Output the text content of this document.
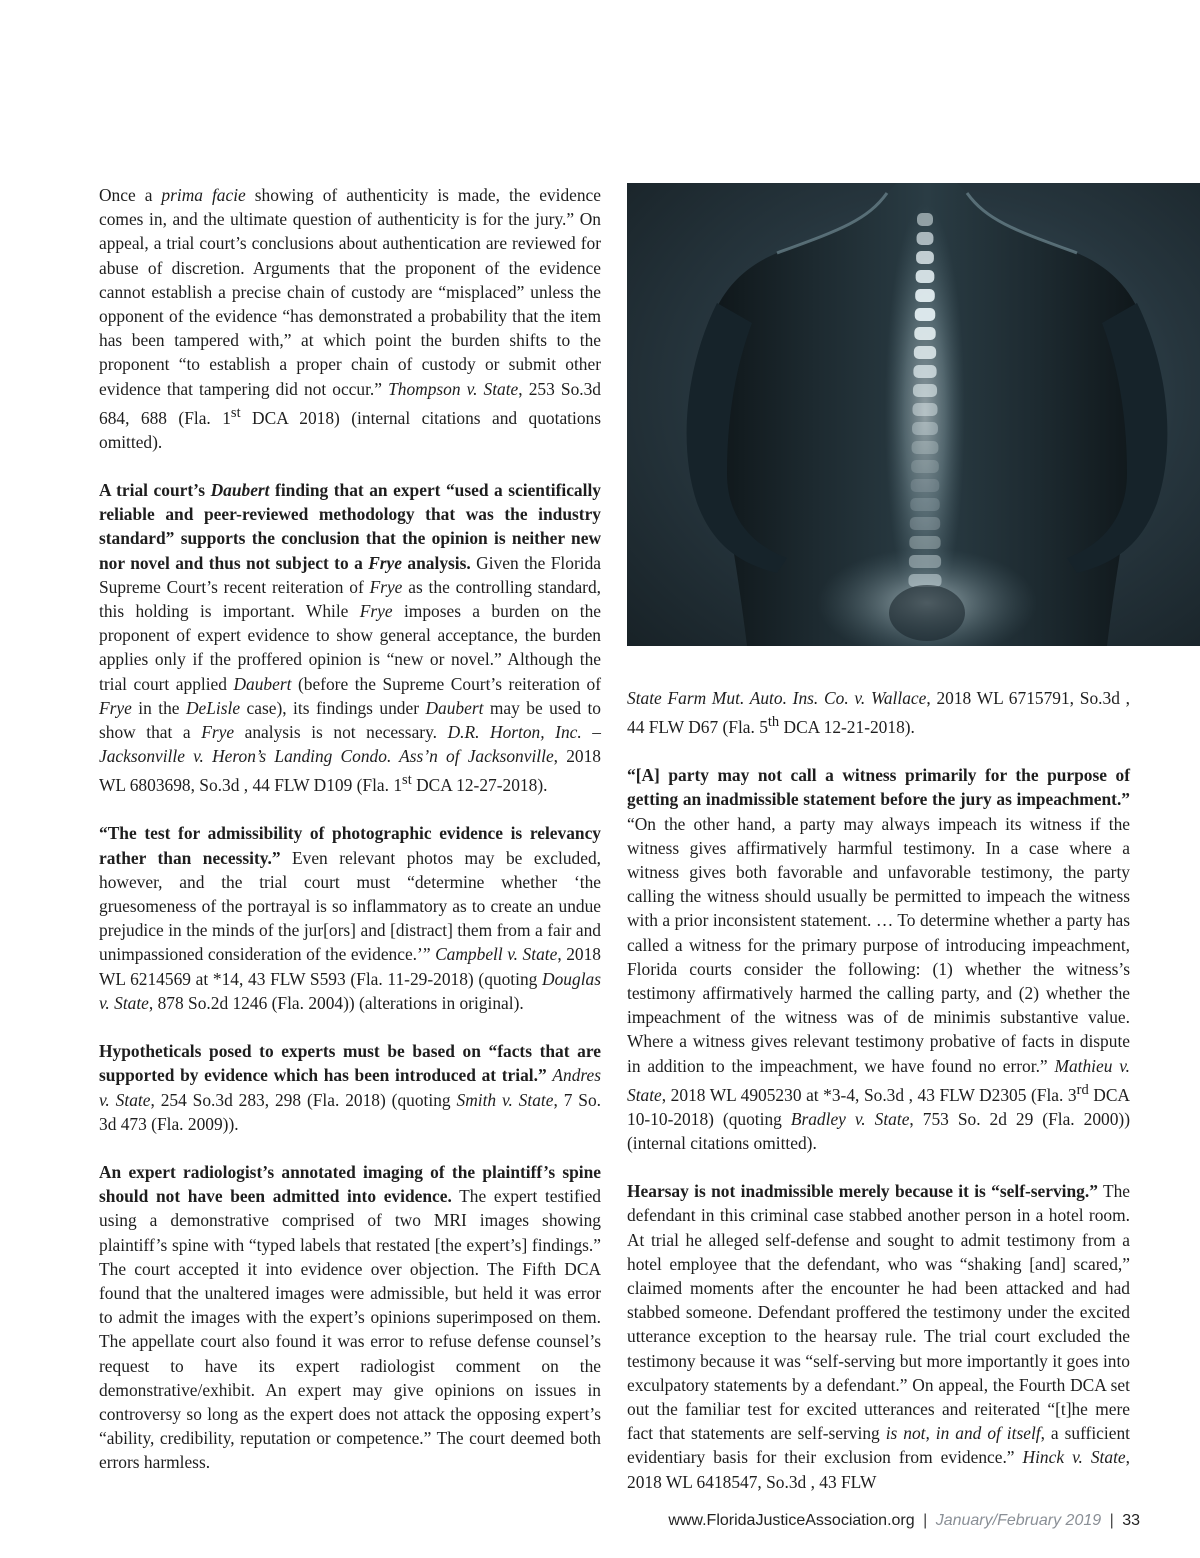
Once a prima facie showing of authenticity is made, the evidence comes in, and the ultimate question of authenticity is for the jury.” On appeal, a trial court’s conclusions about authentication are reviewed for abuse of discretion. Arguments that the proponent of the evidence cannot establish a precise chain of custody are “misplaced” unless the opponent of the evidence “has demonstrated a probability that the item has been tampered with,” at which point the burden shifts to the proponent “to establish a proper chain of custody or submit other evidence that tampering did not occur.” Thompson v. State, 253 So.3d 684, 688 (Fla. 1st DCA 2018) (internal citations and quotations omitted).

A trial court’s Daubert finding that an expert “used a scientifically reliable and peer-reviewed methodology that was the industry standard” supports the conclusion that the opinion is neither new nor novel and thus not subject to a Frye analysis. Given the Florida Supreme Court’s recent reiteration of Frye as the controlling standard, this holding is important. While Frye imposes a burden on the proponent of expert evidence to show general acceptance, the burden applies only if the proffered opinion is “new or novel.” Although the trial court applied Daubert (before the Supreme Court’s reiteration of Frye in the DeLisle case), its findings under Daubert may be used to show that a Frye analysis is not necessary. D.R. Horton, Inc. – Jacksonville v. Heron’s Landing Condo. Ass’n of Jacksonville, 2018 WL 6803698, So.3d , 44 FLW D109 (Fla. 1st DCA 12-27-2018).

“The test for admissibility of photographic evidence is relevancy rather than necessity.” Even relevant photos may be excluded, however, and the trial court must “determine whether ‘the gruesomeness of the portrayal is so inflammatory as to create an undue prejudice in the minds of the jur[ors] and [distract] them from a fair and unimpassioned consideration of the evidence.’” Campbell v. State, 2018 WL 6214569 at *14, 43 FLW S593 (Fla. 11-29-2018) (quoting Douglas v. State, 878 So.2d 1246 (Fla. 2004)) (alterations in original).

Hypotheticals posed to experts must be based on “facts that are supported by evidence which has been introduced at trial.” Andres v. State, 254 So.3d 283, 298 (Fla. 2018) (quoting Smith v. State, 7 So. 3d 473 (Fla. 2009)).

An expert radiologist’s annotated imaging of the plaintiff’s spine should not have been admitted into evidence. The expert testified using a demonstrative comprised of two MRI images showing plaintiff’s spine with “typed labels that restated [the expert’s] findings.” The court accepted it into evidence over objection. The Fifth DCA found that the unaltered images were admissible, but held it was error to admit the images with the expert’s opinions superimposed on them. The appellate court also found it was error to refuse defense counsel’s request to have its expert radiologist comment on the demonstrative/exhibit. An expert may give opinions on issues in controversy so long as the expert does not attack the opposing expert’s “ability, credibility, reputation or competence.” The court deemed both errors harmless.

State Farm Mut. Auto. Ins. Co. v. Wallace, 2018 WL 6715791, So.3d , 44 FLW D67 (Fla. 5th DCA 12-21-2018).

“[A] party may not call a witness primarily for the purpose of getting an inadmissible statement before the jury as impeachment.” “On the other hand, a party may always impeach its witness if the witness gives affirmatively harmful testimony. In a case where a witness gives both favorable and unfavorable testimony, the party calling the witness should usually be permitted to impeach the witness with a prior inconsistent statement. … To determine whether a party has called a witness for the primary purpose of introducing impeachment, Florida courts consider the following: (1) whether the witness’s testimony affirmatively harmed the calling party, and (2) whether the impeachment of the witness was of de minimis substantive value. Where a witness gives relevant testimony probative of facts in dispute in addition to the impeachment, we have found no error.” Mathieu v. State, 2018 WL 4905230 at *3-4, So.3d , 43 FLW D2305 (Fla. 3rd DCA 10-10-2018) (quoting Bradley v. State, 753 So. 2d 29 (Fla. 2000)) (internal citations omitted).

Hearsay is not inadmissible merely because it is “self-serving.” The defendant in this criminal case stabbed another person in a hotel room. At trial he alleged self-defense and sought to admit testimony from a hotel employee that the defendant, who was “shaking [and] scared,” claimed moments after the encounter he had been attacked and had stabbed someone. Defendant proffered the testimony under the excited utterance exception to the hearsay rule. The trial court excluded the testimony because it was “self-serving but more importantly it goes into exculpatory statements by a defendant.” On appeal, the Fourth DCA set out the familiar test for excited utterances and reiterated “[t]he mere fact that statements are self-serving is not, in and of itself, a sufficient evidentiary basis for their exclusion from evidence.” Hinck v. State, 2018 WL 6418547, So.3d , 43 FLW

www.FloridaJusticeAssociation.org | January/February 2019 | 33
